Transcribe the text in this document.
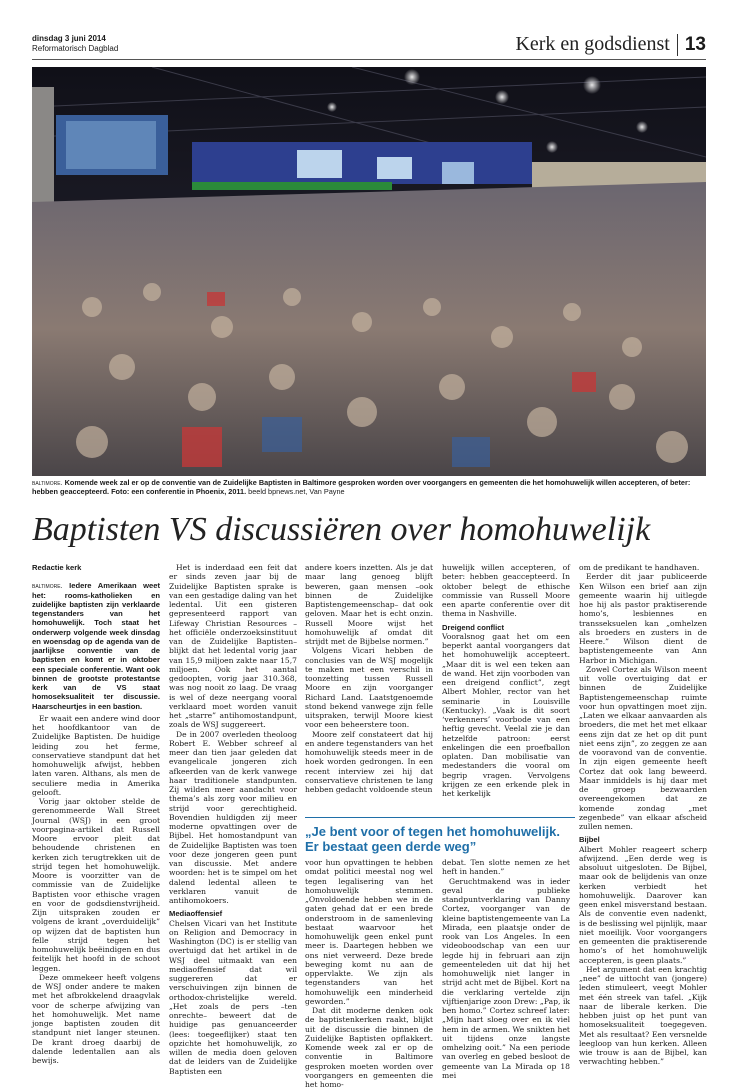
dinsdag 3 juni 2014
Reformatorisch Dagblad	Kerk en godsdienst 13
baltimore. Komende week zal er op de conventie van de Zuidelijke Baptisten in Baltimore gesproken worden over voorgangers en gemeenten die het homohuwelijk willen accepteren, of beter: hebben geaccepteerd. Foto: een conferentie in Phoenix, 2011. beeld bpnews.net, Van Payne
Baptisten VS discussiëren over homohuwelijk
Redactie kerk

baltimore. Iedere Amerikaan weet het: rooms-katholieken en zuidelijke baptisten zijn verklaarde tegenstanders van het homohuwelijk. Toch staat het onderwerp volgende week dinsdag en woensdag op de agenda van de jaarlijkse conventie van de baptisten en komt er in oktober een speciale conferentie. Want ook binnen de grootste protestantse kerk van de VS staat homoseksualiteit ter discussie. Haarscheurtjes in een bastion.

Er waait een andere wind door het hoofdkantoor van de Zuidelijke Baptisten. De huidige leiding zou het ferme, conservatieve standpunt dat het homohuwelijk afwijst, hebben laten varen. Althans, als men de seculiere media in Amerika gelooft.

Vorig jaar oktober stelde de gerenommeerde Wall Street Journal (WSJ) in een groot voorpagina-artikel dat Russell Moore ervoor pleit dat behoudende christenen en kerken zich terugtrekken uit de strijd tegen het homohuwelijk. Moore is voorzitter van de commissie van de Zuidelijke Baptisten voor ethische vragen en voor de godsdienstvrijheid. Zijn uitspraken zouden er volgens de krant „overduidelijk” op wijzen dat de baptisten hun felle strijd tegen het homohuwelijk beëindigen en dus feitelijk het hoofd in de schoot leggen.

Deze ommekeer heeft volgens de WSJ onder andere te maken met het afbrokkelend draagvlak voor de scherpe afwijzing van het homohuwelijk. Met name jonge baptisten zouden dit standpunt niet langer steunen. De krant droeg daarbij de dalende ledentallen aan als bewijs.

Het is inderdaad een feit dat er sinds zeven jaar bij de Zuidelijke Baptisten sprake is van een gestadige daling van het ledental. Uit een gisteren gepresenteerd rapport van Lifeway Christian Resources –het officiële onderzoeksinstituut van de Zuidelijke Baptisten– blijkt dat het ledental vorig jaar van 15,9 miljoen zakte naar 15,7 miljoen. Ook het aantal gedoopten, vorig jaar 310.368, was nog nooit zo laag. De vraag is wel of deze neergang vooral verklaard moet worden vanuit het „starre” antihomostandpunt, zoals de WSJ suggereert.

De in 2007 overleden theoloog Robert E. Webber schreef al meer dan tien jaar geleden dat evangelicale jongeren zich afkeerden van de kerk vanwege haar traditionele standpunten. Zij wilden meer aandacht voor thema’s als zorg voor milieu en strijd voor gerechtigheid. Bovendien huldigden zij meer moderne opvattingen over de Bijbel. Het homostandpunt van de Zuidelijke Baptisten was toen voor deze jongeren geen punt van discussie. Met andere woorden: het is te simpel om het dalend ledental alleen te verklaren vanuit de antihomokoers.

Mediaoffensief

Chelsen Vicari van het Institute on Religion and Democracy in Washington (DC) is er stellig van overtuigd dat het artikel in de WSJ deel uitmaakt van een mediaoffensief dat wil suggereren dat er verschuivingen zijn binnen de orthodox-christelijke wereld. „Het zoals de pers –ten onrechte– beweert dat de huidige pas genuanceerder (lees: toegeeflijker) staat ten opzichte het homohuwelijk, zo willen de media doen geloven dat de leiders van de Zuidelijke Baptisten een

andere koers inzetten. Als je dat maar lang genoeg blijft beweren, gaan mensen –ook binnen de Zuidelijke Baptistengemeenschap– dat ook geloven. Maar het is echt onzin. Russell Moore wijst het homohuwelijk af omdat dit strijdt met de Bijbelse normen.”

Volgens Vicari hebben de conclusies van de WSJ mogelijk te maken met een verschil in toonzetting tussen Russell Moore en zijn voorganger Richard Land. Laatstgenoemde stond bekend vanwege zijn felle uitspraken, terwijl Moore kiest voor een beheerstere toon.

Moore zelf constateert dat hij en andere tegenstanders van het homohuwelijk steeds meer in de hoek worden gedrongen. In een recent interview zei hij dat conservatieve christenen te lang hebben gedacht voldoende steun

huwelijk willen accepteren, of beter: hebben geaccepteerd. In oktober belegt de ethische commissie van Russell Moore een aparte conferentie over dit thema in Nashville.

Dreigend conflict

Vooralsnog gaat het om een beperkt aantal voorgangers dat het homohuwelijk accepteert. „Maar dit is wel een teken aan de wand. Het zijn voorboden van een dreigend conflict”, zegt Albert Mohler, rector van het seminarie in Louisville (Kentucky). „Vaak is dit soort ‘verkenners’ voorbode van een heftig gevecht. Veelal zie je dan hetzelfde patroon: eerst enkelingen die een proefballon oplaten. Dan mobilisatie van medestanders die vooral om begrip vragen. Vervolgens krijgen ze een erkende plek in het kerkelijk

„Je bent voor of tegen het homohuwelijk. Er bestaat geen derde weg”

voor hun opvattingen te hebben omdat politici meestal nog wel tegen legalisering van het homohuwelijk stemmen. „Onvoldoende hebben we in de gaten gehad dat er een brede onderstroom in de samenleving bestaat waarvoor het homohuwelijk geen enkel punt meer is. Daartegen hebben we ons niet verweerd. Deze brede beweging komt nu aan de oppervlakte. We zijn als tegenstanders van het homohuwelijk een minderheid geworden.”

Dat dit moderne denken ook de baptistenkerken raakt, blijkt uit de discussie die binnen de Zuidelijke Baptisten opflakkert. Komende week zal er op de conventie in Baltimore gesproken moeten worden over voorgangers en gemeenten die het homo-

debat. Ten slotte nemen ze het heft in handen.”

Geruchtmakend was in ieder geval de publieke standpuntverklaring van Danny Cortez, voorganger van de kleine baptistengemeente van La Mirada, een plaatsje onder de rook van Los Angeles. In een videoboodschap van een uur legde hij in februari aan zijn gemeenteleden uit dat hij het homohuwelijk niet langer in strijd acht met de Bijbel. Kort na die verklaring vertelde zijn vijftienjarige zoon Drew: „Pap, ik ben homo.” Cortez schreef later: „Mijn hart sloeg over en ik viel hem in de armen. We snikten het uit tijdens onze langste omhelzing ooit.” Na een periode van overleg en gebed besloot de gemeente van La Mirada op 18 mei

om de predikant te handhaven.

Eerder dit jaar publiceerde Ken Wilson een brief aan zijn gemeente waarin hij uitlegde hoe hij als pastor praktiserende homo’s, lesbiennes en transseksuelen kan „omhelzen als broeders en zusters in de Heere.” Wilson dient de baptistengemeente van Ann Harbor in Michigan.

Zowel Cortez als Wilson meent uit volle overtuiging dat er binnen de Zuidelijke Baptistengemeenschap ruimte voor hun opvattingen moet zijn. „Laten we elkaar aanvaarden als broeders, die met het met elkaar eens zijn dat ze het op dit punt niet eens zijn”, zo zeggen ze aan de vooravond van de conventie. In zijn eigen gemeente heeft Cortez dat ook lang beweerd. Maar inmiddels is hij daar met de groep bezwaarden overeengekomen dat ze komende zondag „met zegenbede” van elkaar afscheid zullen nemen.

Bijbel

Albert Mohler reageert scherp afwijzend. „Een derde weg is absoluut uitgesloten. De Bijbel, maar ook de belijdenis van onze kerken verbiedt het homohuwelijk. Daarover kan geen enkel misverstand bestaan. Als de conventie even nadenkt, is de beslissing wel pijnlijk, maar niet moeilijk. Voor voorgangers en gemeenten die praktiserende homo’s of het homohuwelijk accepteren, is geen plaats.”

Het argument dat een krachtig „nee” de uittocht van (jongere) leden stimuleert, veegt Mohler met één streek van tafel. „Kijk naar de liberale kerken. Die hebben juist op het punt van homoseksualiteit toegegeven. Met als resultaat? Een versnelde leegloop van hun kerken. Alleen wie trouw is aan de Bijbel, kan verwachting hebben.”
